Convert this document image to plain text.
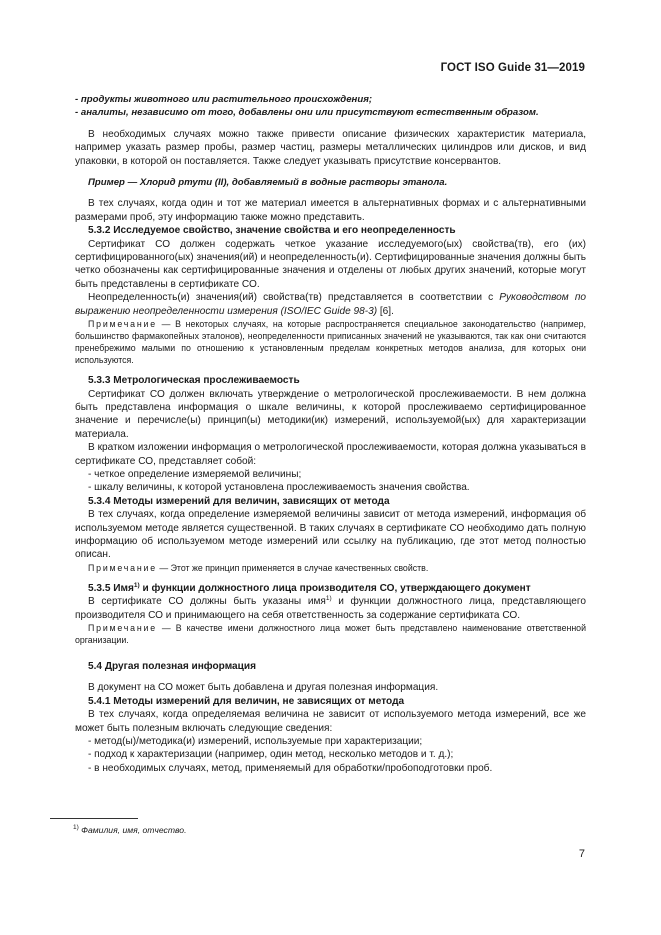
ГОСТ ISO Guide 31—2019

- продукты животного или растительного происхождения;

- аналиты, независимо от того, добавлены они или присутствуют естественным образом.

В необходимых случаях можно также привести описание физических характеристик материала, например указать размер пробы, размер частиц, размеры металлических цилиндров или дисков, и вид упаковки, в которой он поставляется. Также следует указывать присутствие консервантов.

Пример — Хлорид ртути (II), добавляемый в водные растворы этанола.

В тех случаях, когда один и тот же материал имеется в альтернативных формах и с альтернативными размерами проб, эту информацию также можно представить.

5.3.2 Исследуемое свойство, значение свойства и его неопределенность

Сертификат СО должен содержать четкое указание исследуемого(ых) свойства(тв), его (их) сертифицированного(ых) значения(ий) и неопределенность(и). Сертифицированные значения должны быть четко обозначены как сертифицированные значения и отделены от любых других значений, которые могут быть представлены в сертификате СО.

Неопределенность(и) значения(ий) свойства(тв) представляется в соответствии с Руководством по выражению неопределенности измерения (ISO/IEC Guide 98-3) [6].

Примечание — В некоторых случаях, на которые распространяется специальное законодательство (например, большинство фармакопейных эталонов), неопределенности приписанных значений не указываются, так как они считаются пренебрежимо малыми по отношению к установленным пределам конкретных методов анализа, для которых они используются.

5.3.3 Метрологическая прослеживаемость

Сертификат СО должен включать утверждение о метрологической прослеживаемости. В нем должна быть представлена информация о шкале величины, к которой прослеживаемо сертифицированное значение и перечисле(ы) принцип(ы) методики(ик) измерений, используемой(ых) для характеризации материала.

В кратком изложении информация о метрологической прослеживаемости, которая должна указываться в сертификате СО, представляет собой:

- четкое определение измеряемой величины;

- шкалу величины, к которой установлена прослеживаемость значения свойства.

5.3.4 Методы измерений для величин, зависящих от метода

В тех случаях, когда определение измеряемой величины зависит от метода измерений, информация об используемом методе является существенной. В таких случаях в сертификате СО необходимо дать полную информацию об используемом методе измерений или ссылку на публикацию, где этот метод полностью описан.

Примечание — Этот же принцип применяется в случае качественных свойств.

5.3.5 Имя$^{1)}$ и функции должностного лица производителя СО, утверждающего документ

В сертификате СО должны быть указаны имя$^{1)}$ и функции должностного лица, представляющего производителя СО и принимающего на себя ответственность за содержание сертификата СО.

Примечание — В качестве имени должностного лица может быть представлено наименование ответственной организации.

5.4 Другая полезная информация

В документ на СО может быть добавлена и другая полезная информация.

5.4.1 Методы измерений для величин, не зависящих от метода

В тех случаях, когда определяемая величина не зависит от используемого метода измерений, все же может быть полезным включать следующие сведения:

- метод(ы)/методика(и) измерений, используемые при характеризации;

- подход к характеризации (например, один метод, несколько методов и т. д.);

- в необходимых случаях, метод, применяемый для обработки/пробоподготовки проб.

$^{1)}$ Фамилия, имя, отчество.
7
